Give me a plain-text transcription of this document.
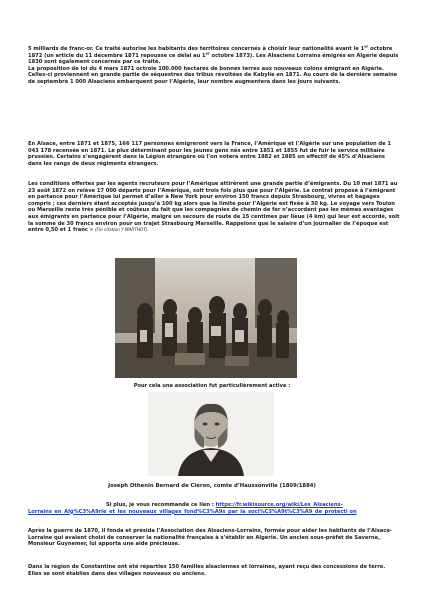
5 milliards de franc-or. Ce traité autorise les habitants des territoires concernés à choisir leur nationalité avant le 1er octobre 1872 (un article du 11 décembre 1871 repousse ce délai au 1er octobre 1873). Les Alsaciens Lorrains émigrés en Algérie depuis 1830 sont également concernés par ce traité.
La proposition de loi du 4 mars 1871 octroie 100.000 hectares de bonnes terres aux nouveaux colons émigrant en Algérie. Celles-ci proviennent en grande partie de séquestres des tribus révoltées de Kabylie en 1871. Au cours de la dernière semaine de septembre 1 000 Alsaciens embarquent pour l’Algérie, leur nombre augmentera dans les jours suivants.
En Alsace, entre 1871 et 1875, 166 117 personnes émigreront vers la France, l’Amérique et l’Algérie sur une population de 1 043 178 recensée en 1871. Le plus déterminant pour les jeunes gens nés entre 1851 et 1855 fut de fuir le service militaire prussien. Certains s’engagèrent dans la Légion étrangère où l’on notera entre 1882 et 1885 un effectif de 45% d’Alsaciens dans les rangs de deux régiments étrangers.
Les conditions offertes par les agents recruteurs pour l’Amérique attirèrent une grande partie d’émigrants. Du 10 mai 1871 au 23 août 1872 on relève 17 000 départs pour l’Amérique, soit trois fois plus que pour l’Algérie. Le contrat proposé à l’émigrant en partance pour l’Amérique lui permet d’aller à New York pour environ 150 francs depuis Strasbourg, vivres et bagages compris ; ces derniers étant acceptés jusqu’à 100 kg alors que la limite pour l’Algérie est fixée à 30 kg. Le voyage vers Toulon ou Marseille reste très pénible et coûteux du fait que les compagnies de chemin de fer n’accordent pas les mêmes avantages aux émigrants en partance pour l’Algérie, malgré un secours de route de 15 centimes par lieue (4 km) qui leur est accordé, soit la somme de 30 francs environ pour un trajet Strasbourg Marseille. Rappelons que le salaire d’un journalier de l’époque est entre 0,50 et 1 franc » (Fin citation Y MARTHOT).
Pour cela une association fut particulièrement active :
Joseph Othenin Bernard de Cléron, comte d’Haussonville (1809/1884)
Si plus, je vous recommande ce lien : https://fr.wikisource.org/wiki/Les_Alsaciens-Lorrains_en_Alg%C3%A9rie_et_les_nouveaux_villages_fond%C3%A9s_par_la_soci%C3%A9t%C3%A9_de_protecti on
Après la guerre de 1870, il fonda et présida l’Association des Alsaciens-Lorrains, formée pour aider les habitants de l’Alsace-Lorraine qui avaient choisi de conserver la nationalité française à s’établir en Algérie. Un ancien sous-préfet de Saverne, Monsieur Guynemer, lui apporta une aide précieuse.
Dans la région de Constantine ont été réparties 150 familles alsaciennes et lorraines, ayant reçu des concessions de terre. Elles se sont établies dans des villages nouveaux ou anciens.
